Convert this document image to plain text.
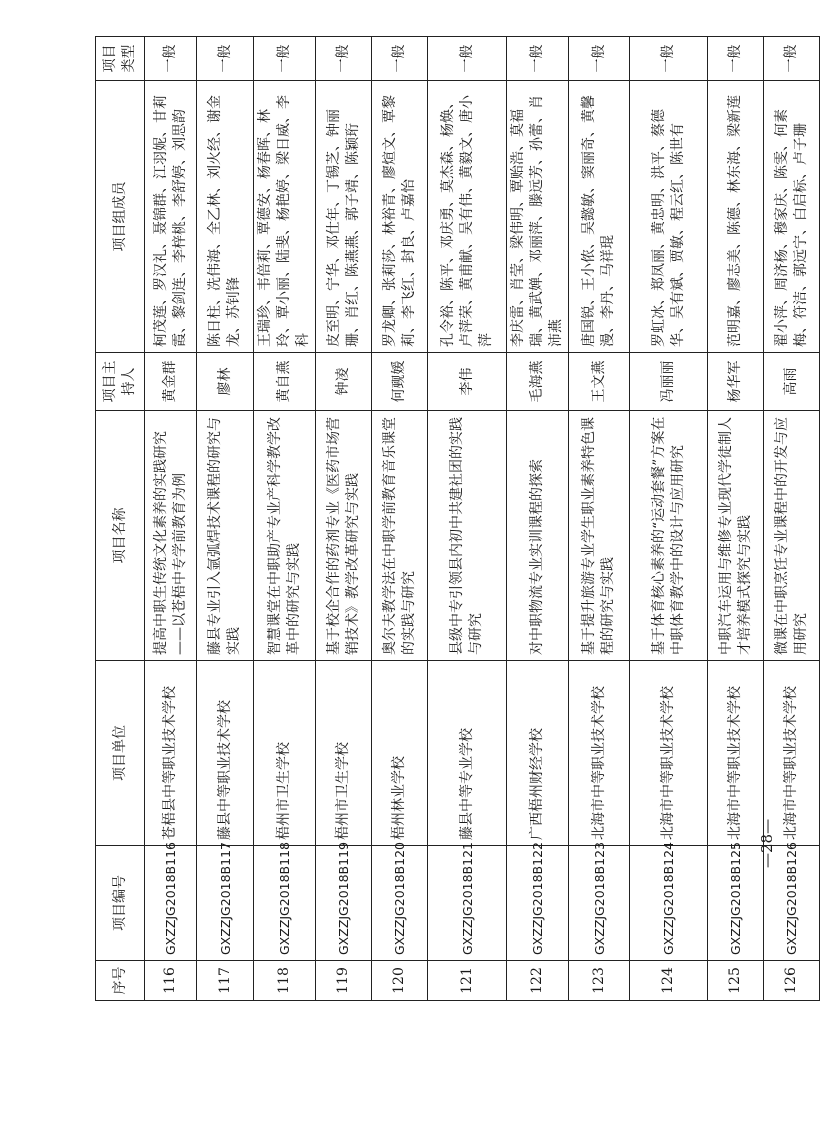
序号	项目编号	项目单位	项目名称	项目主持人	项目组成员	项目类型
116	GXZZJG2018B116	苍梧县中等职业技术学校	提高中职生传统文化素养的实践研究——以苍梧中专学前教育为例	黄金群	柯茂莲、罗汉礼、聂锦群、江羽妮、甘莉霞、黎剑连、李梓桃、李舒婷、刘思韵	一般
117	GXZZJG2018B117	藤县中等职业技术学校	藤县专业引入氩弧焊技术课程的研究与实践	廖林	陈日柱、冼伟海、全乙林、刘火经、谢金龙、苏钊锋	一般
118	GXZZJG2018B118	梧州市卫生学校	智慧课堂在中职助产专业产科学教学改革中的研究与实践	黄自燕	王瑞珍、韦倍莉、覃德安、杨春晖、林玲、覃小丽、陆斐、杨艳婷、梁日威、李科	一般
119	GXZZJG2018B119	梧州市卫生学校	基于校企合作的药剂专业《医药市场营销技术》教学改革研究与实践	钟凌	皮至明、宁华、邓仕年、丁锡芝、钟丽珊、肖红、陈燕燕、郭子靖、陈颖珩	一般
120	GXZZJG2018B120	梧州林业学校	奥尔夫教学法在中职学前教育音乐课堂的实践与研究	何觋媛	罗龙卿、张莉莎、林裕青、廖煊文、覃黎莉、李飞红、封良、卢嘉怡	一般
121	GXZZJG2018B121	藤县中等专业学校	县级中专引领县内初中共建社团的实践与研究	李伟	孔令裕、陈平、邓庆勇、莫杰森、杨焕、卢萍荣、黄甫献、吴有伟、黄毅文、唐小萍	一般
122	GXZZJG2018B122	广西梧州财经学校	对中职物流专业实训课程的探索	毛海燕	李庆雷、肖莹、梁伟明、覃贻浩、莫福瑞、黄武婵、邓丽萍、滕远芳、孙蕾、肖沛燕	一般
123	GXZZJG2018B123	北海市中等职业技术学校	基于提升旅游专业学生职业素养特色课程的研究与实践	王文燕	唐国锐、王小侬、吴懿敏、窦丽奇、黄馨漫、李丹、马祥琨	一般
124	GXZZJG2018B124	北海市中等职业技术学校	基于体育核心素养的“运动套餐”方案在中职体育教学中的设计与应用研究	冯丽丽	罗虹冰、郑凤丽、黄忠明、洪平、蔡德华、吴有斌、贾敏、程云红、陈世有	一般
125	GXZZJG2018B125	北海市中等职业技术学校	中职汽车运用与维修专业现代学徒制人才培养模式探究与实践	杨华军	范明嘉、廖志美、陈德、林东海、梁新莲	一般
126	GXZZJG2018B126	北海市中等职业技术学校	微课在中职烹饪专业课程中的开发与应用研究	高雨	翟小萍、周济杨、穆家庆、陈雯、何素梅、符洁、郭远宁、白启标、卢子珊	一般
—28—
